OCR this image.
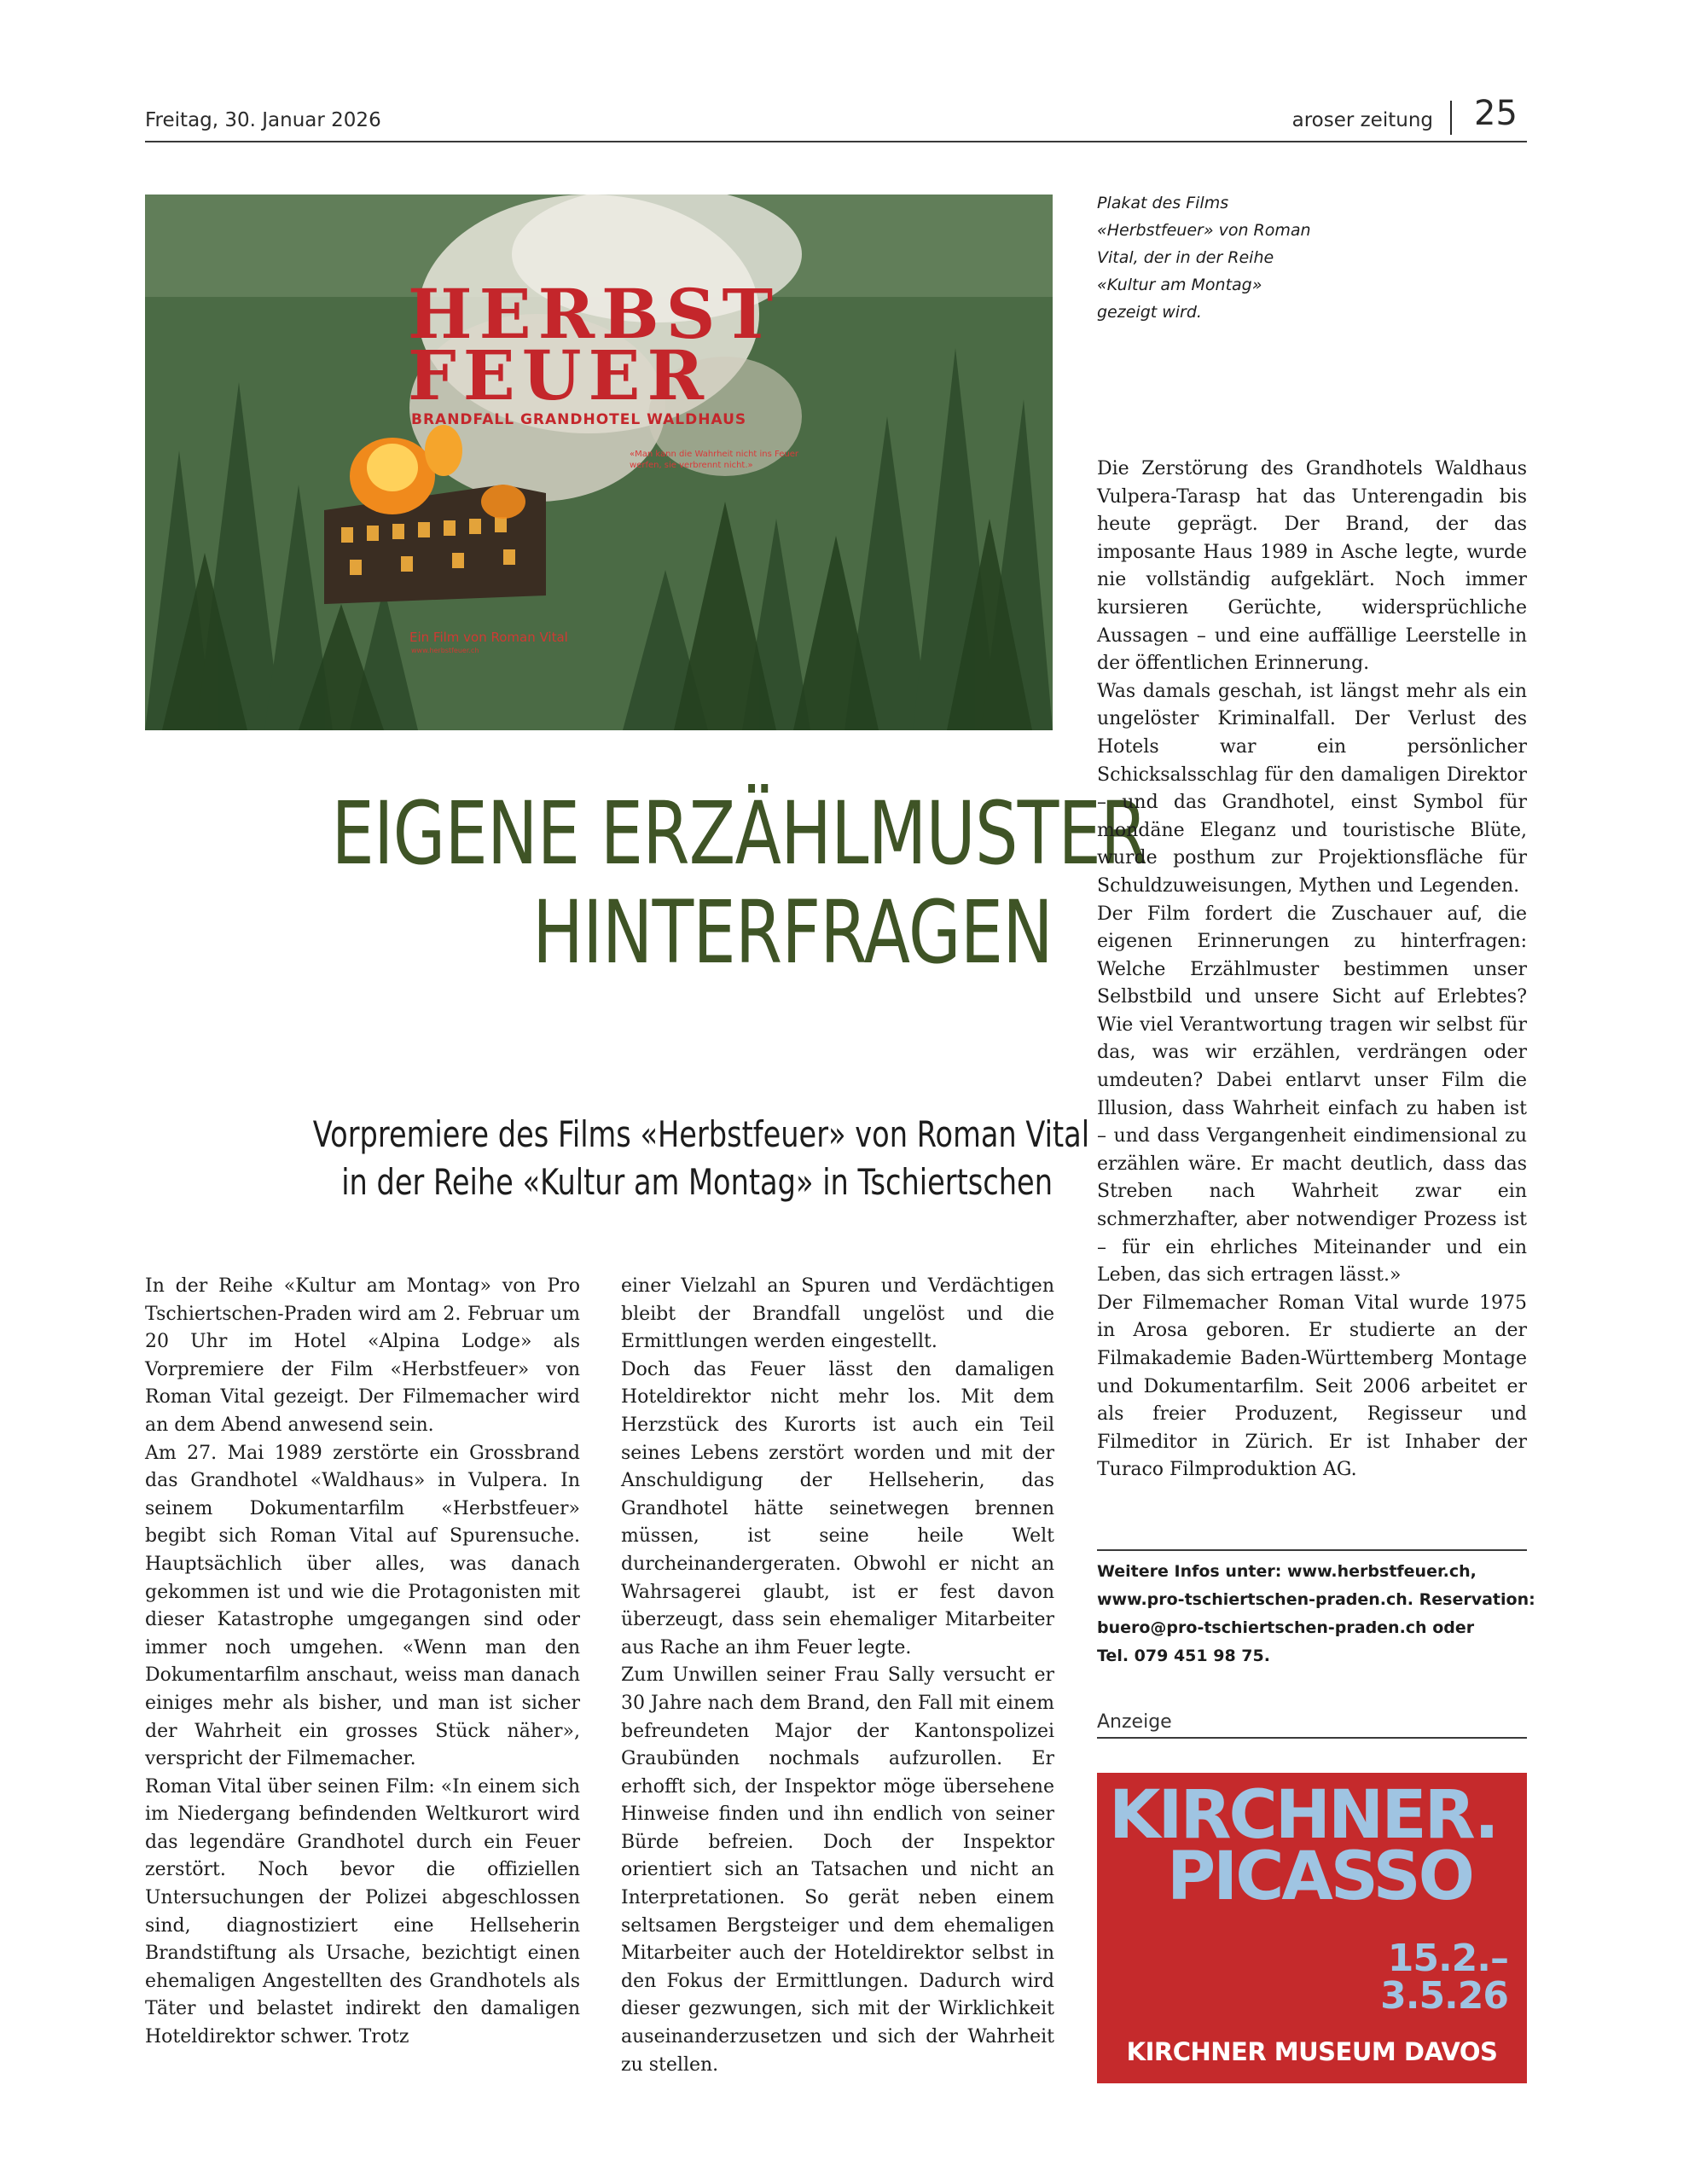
Freitag, 30. Januar 2026	aroser zeitung 25
HERBST
FEUER
BRANDFALL GRANDHOTEL WALDHAUS
«Man kann die Wahrheit nicht ins Feuer werfen, sie verbrennt nicht.»
Ein Film von Roman Vital
www.herbstfeuer.ch
Plakat des Films «Herbstfeuer» von Roman Vital, der in der Reihe «Kultur am Montag» gezeigt wird.
EIGENE ERZÄHLMUSTER
HINTERFRAGEN
Vorpremiere des Films «Herbstfeuer» von Roman Vital
in der Reihe «Kultur am Montag» in Tschiertschen

In der Reihe «Kultur am Montag» von Pro Tschiertschen-Praden wird am 2. Februar um 20 Uhr im Hotel «Alpina Lodge» als Vorpremiere der Film «Herbstfeuer» von Roman Vital gezeigt. Der Filmemacher wird an dem Abend anwesend sein.

Am 27. Mai 1989 zerstörte ein Grossbrand das Grandhotel «Waldhaus» in Vulpera. In seinem Dokumentarfilm «Herbstfeuer» begibt sich Roman Vital auf Spurensuche. Hauptsächlich über alles, was danach gekommen ist und wie die Protagonisten mit dieser Katastrophe umgegangen sind oder immer noch umgehen. «Wenn man den Dokumentarfilm anschaut, weiss man danach einiges mehr als bisher, und man ist sicher der Wahrheit ein grosses Stück näher», verspricht der Filmemacher.

Roman Vital über seinen Film: «In einem sich im Niedergang befindenden Weltkurort wird das legendäre Grandhotel durch ein Feuer zerstört. Noch bevor die offiziellen Untersuchungen der Polizei abgeschlossen sind, diagnostiziert eine Hellseherin Brandstiftung als Ursache, bezichtigt einen ehemaligen Angestellten des Grandhotels als Täter und belastet indirekt den damaligen Hoteldirektor schwer. Trotz

einer Vielzahl an Spuren und Verdächtigen bleibt der Brandfall ungelöst und die Ermittlungen werden eingestellt.

Doch das Feuer lässt den damaligen Hoteldirektor nicht mehr los. Mit dem Herzstück des Kurorts ist auch ein Teil seines Lebens zerstört worden und mit der Anschuldigung der Hellseherin, das Grandhotel hätte seinetwegen brennen müssen, ist seine heile Welt durcheinandergeraten. Obwohl er nicht an Wahrsagerei glaubt, ist er fest davon überzeugt, dass sein ehemaliger Mitarbeiter aus Rache an ihm Feuer legte.

Zum Unwillen seiner Frau Sally versucht er 30 Jahre nach dem Brand, den Fall mit einem befreundeten Major der Kantonspolizei Graubünden nochmals aufzurollen. Er erhofft sich, der Inspektor möge übersehene Hinweise finden und ihn endlich von seiner Bürde befreien. Doch der Inspektor orientiert sich an Tatsachen und nicht an Interpretationen. So gerät neben einem seltsamen Bergsteiger und dem ehemaligen Mitarbeiter auch der Hoteldirektor selbst in den Fokus der Ermittlungen. Dadurch wird dieser gezwungen, sich mit der Wirklichkeit auseinanderzusetzen und sich der Wahrheit zu stellen.

Die Zerstörung des Grandhotels Waldhaus Vulpera-Tarasp hat das Unterengadin bis heute geprägt. Der Brand, der das imposante Haus 1989 in Asche legte, wurde nie vollständig aufgeklärt. Noch immer kursieren Gerüchte, widersprüchliche Aussagen – und eine auffällige Leerstelle in der öffentlichen Erinnerung.

Was damals geschah, ist längst mehr als ein ungelöster Kriminalfall. Der Verlust des Hotels war ein persönlicher Schicksalsschlag für den damaligen Direktor – und das Grandhotel, einst Symbol für mondäne Eleganz und touristische Blüte, wurde posthum zur Projektionsfläche für Schuldzuweisungen, Mythen und Legenden.

Der Film fordert die Zuschauer auf, die eigenen Erinnerungen zu hinterfragen: Welche Erzählmuster bestimmen unser Selbstbild und unsere Sicht auf Erlebtes? Wie viel Verantwortung tragen wir selbst für das, was wir erzählen, verdrängen oder umdeuten? Dabei entlarvt unser Film die Illusion, dass Wahrheit einfach zu haben ist – und dass Vergangenheit eindimensional zu erzählen wäre. Er macht deutlich, dass das Streben nach Wahrheit zwar ein schmerzhafter, aber notwendiger Prozess ist – für ein ehrliches Miteinander und ein Leben, das sich ertragen lässt.»

Der Filmemacher Roman Vital wurde 1975 in Arosa geboren. Er studierte an der Filmakademie Baden-Württemberg Montage und Dokumentarfilm. Seit 2006 arbeitet er als freier Produzent, Regisseur und Filmeditor in Zürich. Er ist Inhaber der Turaco Filmproduktion AG.

Weitere Infos unter: www.herbstfeuer.ch,
www.pro-tschiertschen-praden.ch. Reservation:
buero@pro-tschiertschen-praden.ch oder
Tel. 079 451 98 75.
Anzeige
KIRCHNER.
PICASSO
15.2.–
3.5.26
KIRCHNER MUSEUM DAVOS
